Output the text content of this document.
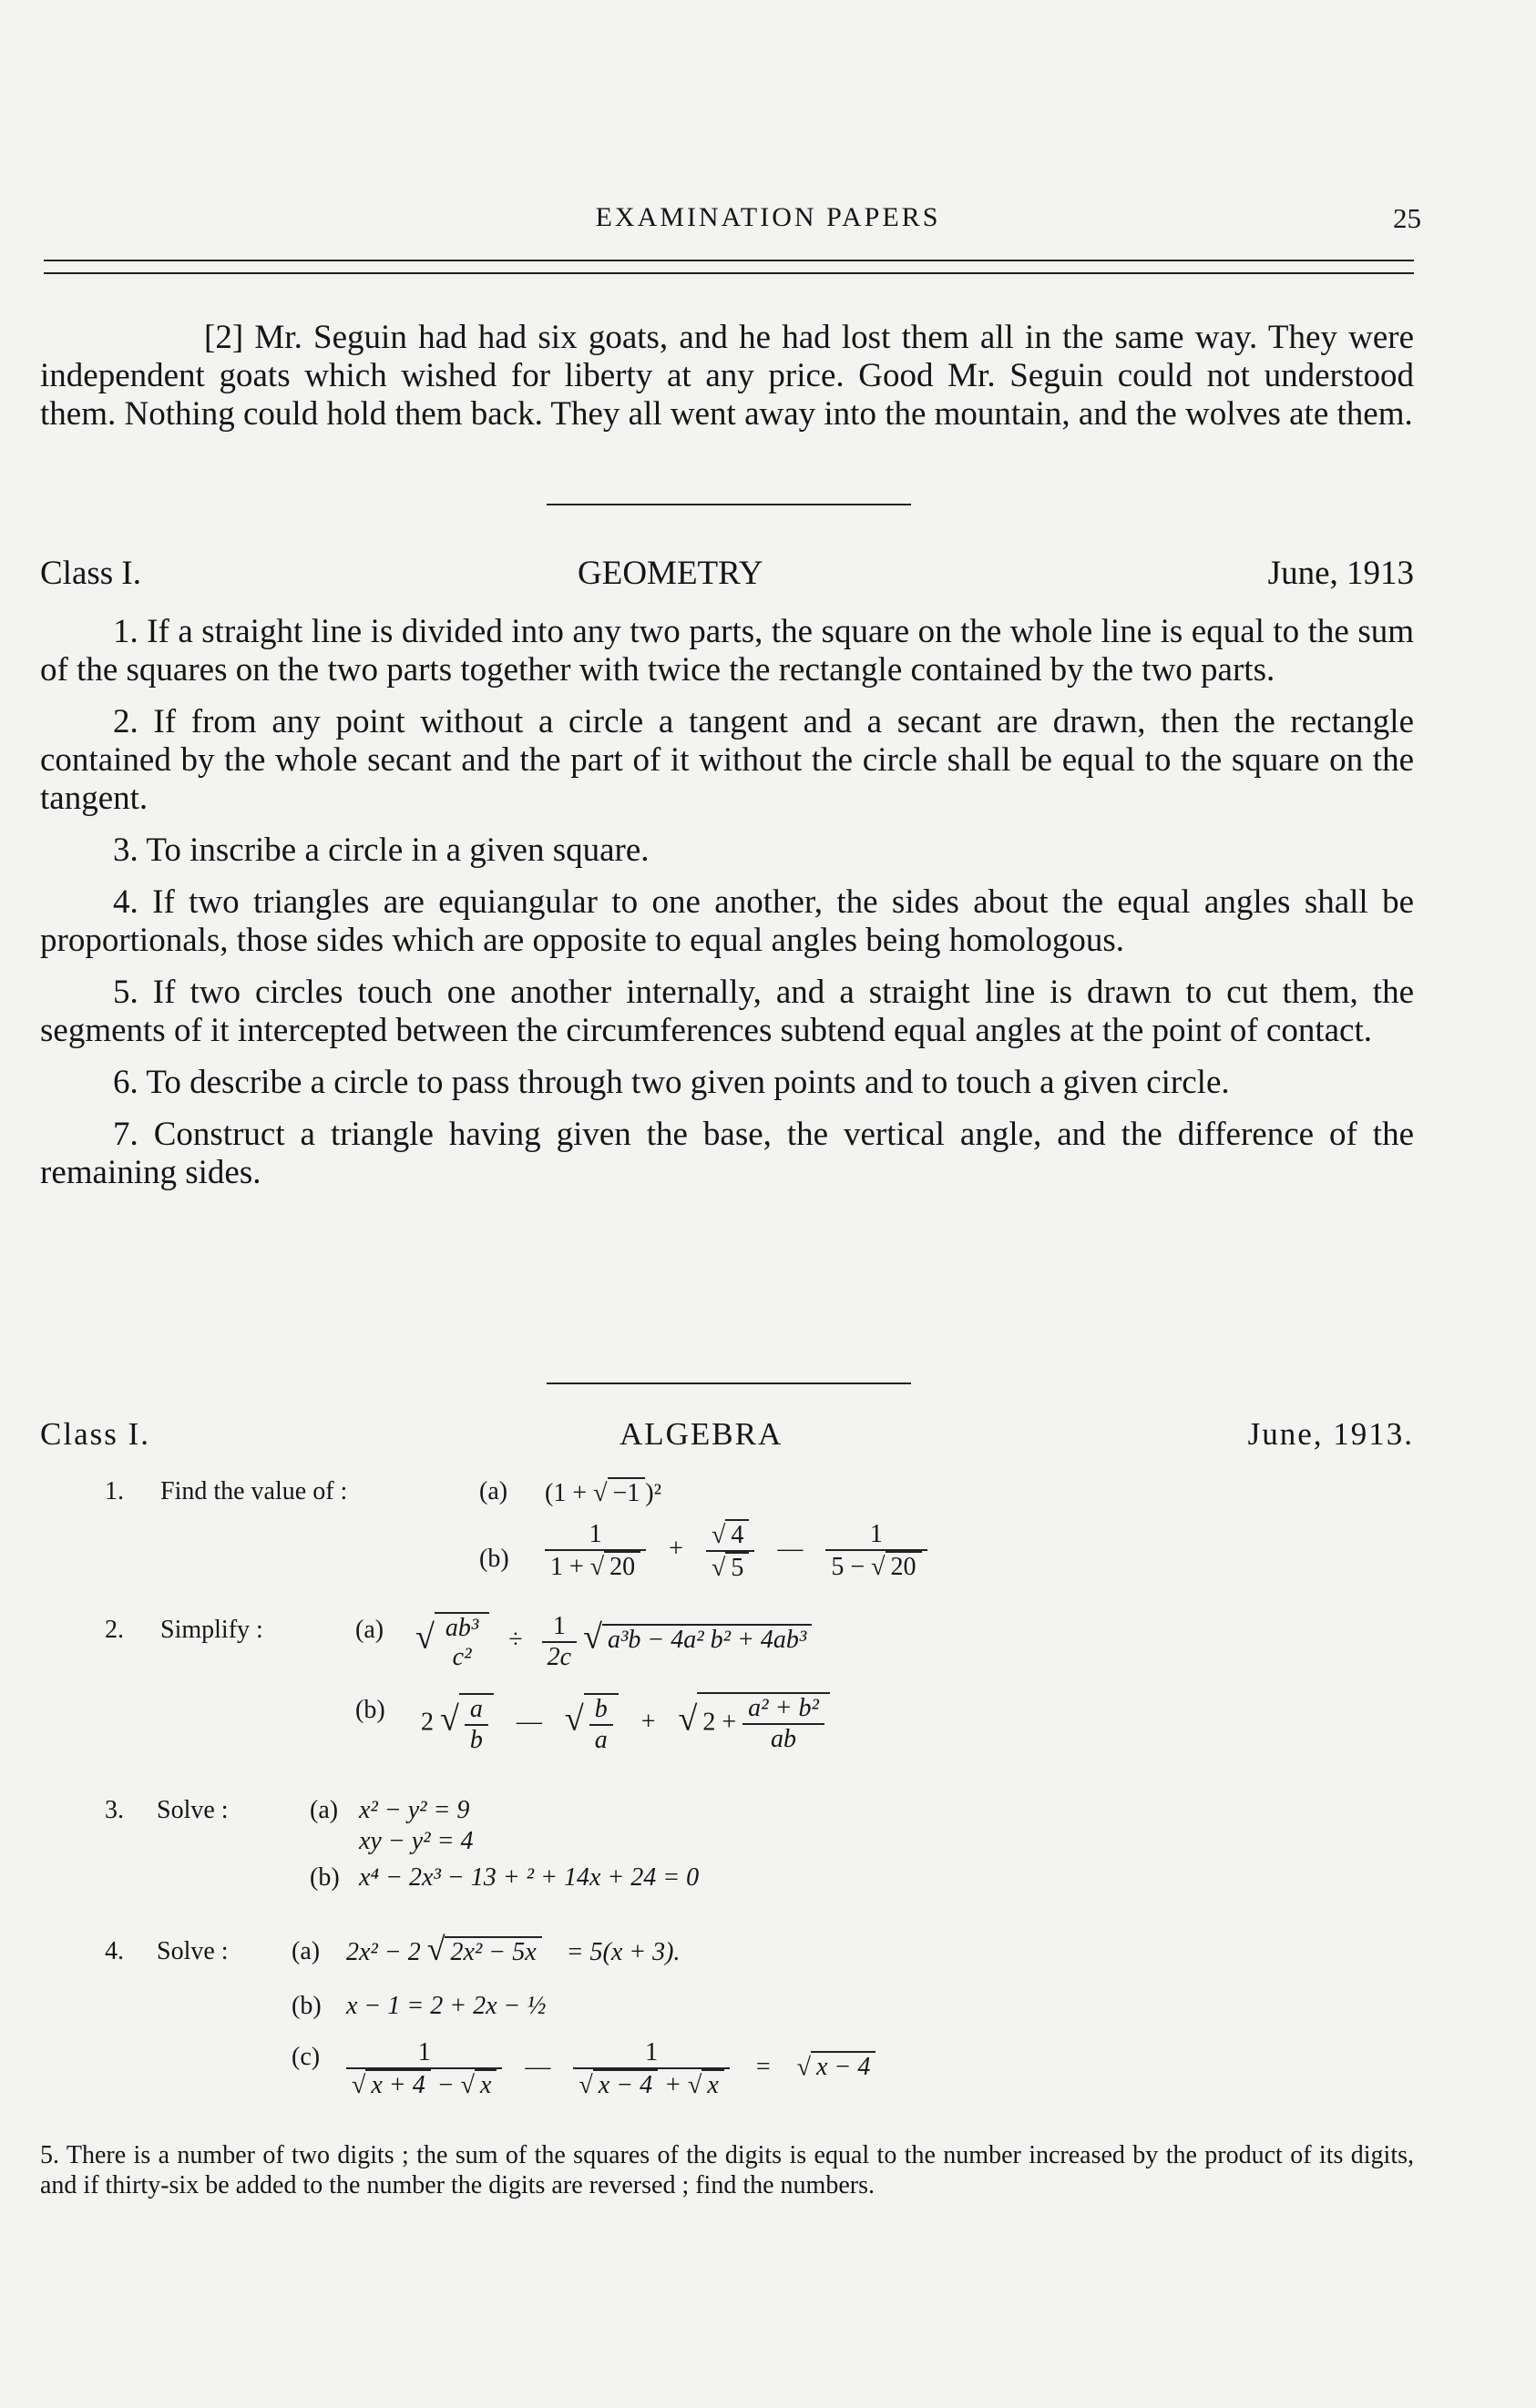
EXAMINATION PAPERS	25

[2] Mr. Seguin had had six goats, and he had lost them all in the same way. They were independent goats which wished for liberty at any price. Good Mr. Seguin could not understood them. Nothing could hold them back. They all went away into the mountain, and the wolves ate them.

Class I.	GEOMETRY	June, 1913

1. If a straight line is divided into any two parts, the square on the whole line is equal to the sum of the squares on the two parts together with twice the rectangle contained by the two parts.

2. If from any point without a circle a tangent and a secant are drawn, then the rectangle contained by the whole secant and the part of it without the circle shall be equal to the square on the tangent.

3. To inscribe a circle in a given square.

4. If two triangles are equiangular to one another, the sides about the equal angles shall be proportionals, those sides which are opposite to equal angles being homologous.

5. If two circles touch one another internally, and a straight line is drawn to cut them, the segments of it intercepted between the circumferences subtend equal angles at the point of contact.

6. To describe a circle to pass through two given points and to touch a given circle.

7. Construct a triangle having given the base, the vertical angle, and the difference of the remaining sides.

Class I.	ALGEBRA	June, 1913.
1. Find the value of :	(a) (1 + √ −1 )²
$(b) \frac{1}{1 + √ 20} + \frac{√ 4}{√ 5}$ — $\frac{1}{5 - √ 20}$
2. Simplify :	(a) √ ab³
c²
÷ $\frac{1}{2c}$ √ a³b − 4a² b² + 4ab³
(b) 2 √ $\frac{a}{b}$ — √ $\frac{b}{a}$ + √ $2 + \frac{\text{a² + b²}}{ab}$
3. Solve :	(a) x² − y² = 9
xy − y² = 4
(b) x⁴ − 2x³ − 13 + ² + 14x + 24 = 0
4. Solve : (a) 2x² − 2 √ 2x² − 5x = 5(x + 3).
(b) x − 1 = 2 + 2x − ½
$(c) \frac{1}{√ x + 4 - √ x}$ — $\frac{1}{√ x - 4 + √ x}$ = √ x − 4
5. There is a number of two digits ; the sum of the squares of the digits is equal to the number increased by the product of its digits, and if thirty-six be added to the number the digits are reversed ; find the numbers.
